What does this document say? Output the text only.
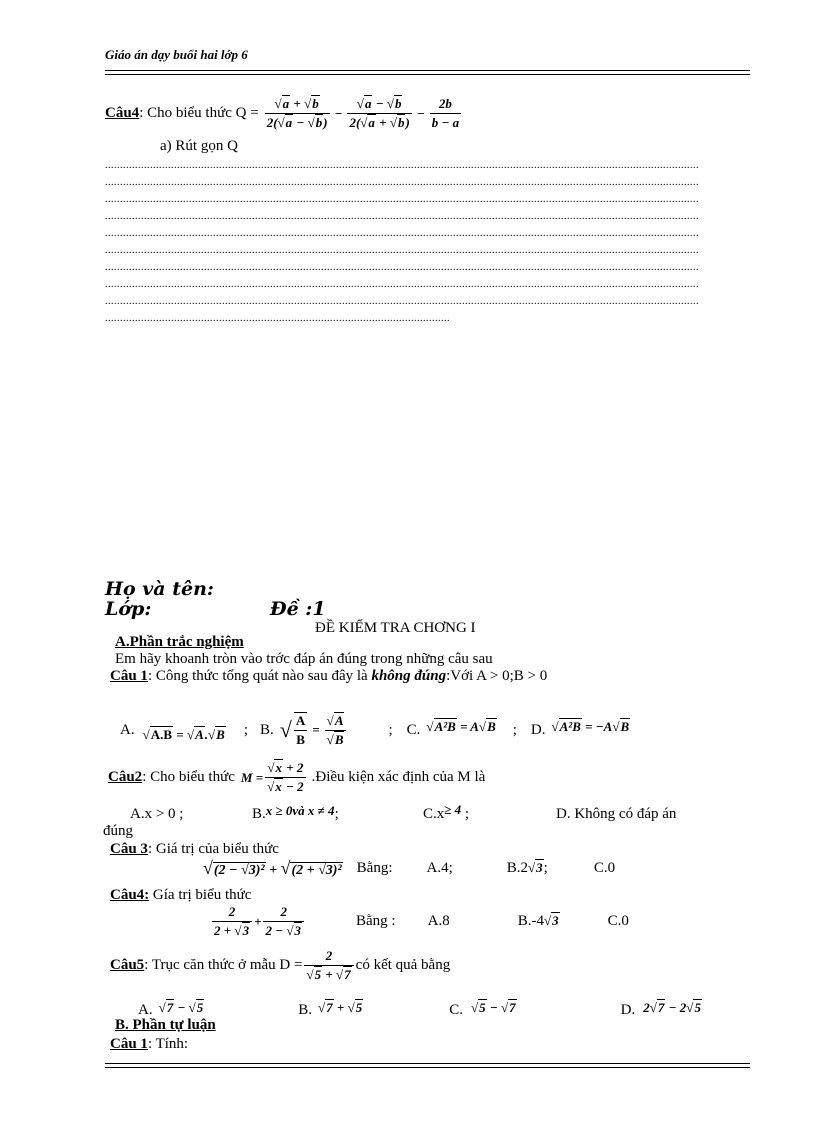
Giáo án dạy buổi hai lớp 6
Câu4 : Cho biểu thức $Q = \frac{√a + √b}{2(√a - √b)} - \frac{√a - √b}{2(√a + √b)} - \frac{2b}{b - a}$
a) Rút gọn Q
......................................................................................................................................................................................................
......................................................................................................................................................................................................
......................................................................................................................................................................................................
......................................................................................................................................................................................................
......................................................................................................................................................................................................
......................................................................................................................................................................................................
......................................................................................................................................................................................................
......................................................................................................................................................................................................
......................................................................................................................................................................................................
...................................................................................................................
Họ và tên:
Lớp:	Đề :1
ĐỀ KIỂM TRA CHƠNG I
A.Phần trắc nghiệm
Em hãy khoanh tròn vào trớc đáp án đúng trong những câu sau
Câu 1: Công thức tổng quát nào sau đây là không đúng:Với A > 0;B > 0
A. √A.B = √A.√B ; B. √ $\frac{A}{B} = \frac{√A}{√B}$	; C. √A²B = A√B ; D. √A²B = −A√B
Câu2 : Cho biểu thức $M = \frac{√x + 2}{√x - 2}$ .Điều kiện xác định của M là
A.x > 0 ;	B.x ≥ 0và x ≠ 4;	C.x≥ 4 ;	D. Không có đáp án
đúng
Câu 3: Giá trị của biểu thức
√(2 − √3)² + √(2 + √3)² Bằng: A.4;	B.2√3;	C.0
Câu4: Gía trị biểu thức
$\frac{2}{2 + √3} + \frac{2}{2 - √3}$	Bằng : A.8	B.-4√3	C.0
Câu5 : Trục căn thức ở mẫu $D = \frac{2}{√5 + √7}$ có kết quả bằng
A. √7 − √5	B. √7 + √5	C. √5 − √7	D. 2√7 − 2√5
B. Phần tự luận
Câu 1: Tính:
